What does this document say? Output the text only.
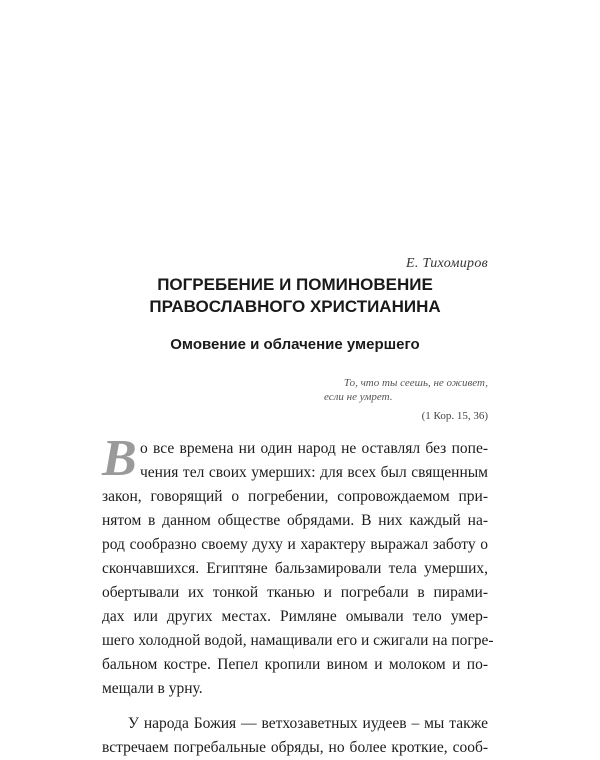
Е. Тихомиров
ПОГРЕБЕНИЕ И ПОМИНОВЕНИЕ
ПРАВОСЛАВНОГО ХРИСТИАНИНА
Омовение и облачение умершего
То, что ты сеешь, не оживет,
если не умрет.
(1 Кор. 15, 36)
В о все времена ни один народ не оставлял без попе-
чения тел своих умерших: для всех был священным
закон, говорящий о погребении, сопровождаемом при-
нятом в данном обществе обрядами. В них каждый на-
род сообразно своему духу и характеру выражал заботу о
скончавшихся. Египтяне бальзамировали тела умерших,
обертывали их тонкой тканью и погребали в пирами-
дах или других местах. Римляне омывали тело умер-
шего холодной водой, намащивали его и сжигали на погре-
бальном костре. Пепел кропили вином и молоком и по-
мещали в урну.
У народа Божия — ветхозаветных иудеев – мы также
встречаем погребальные обряды, но более кроткие, сооб-
